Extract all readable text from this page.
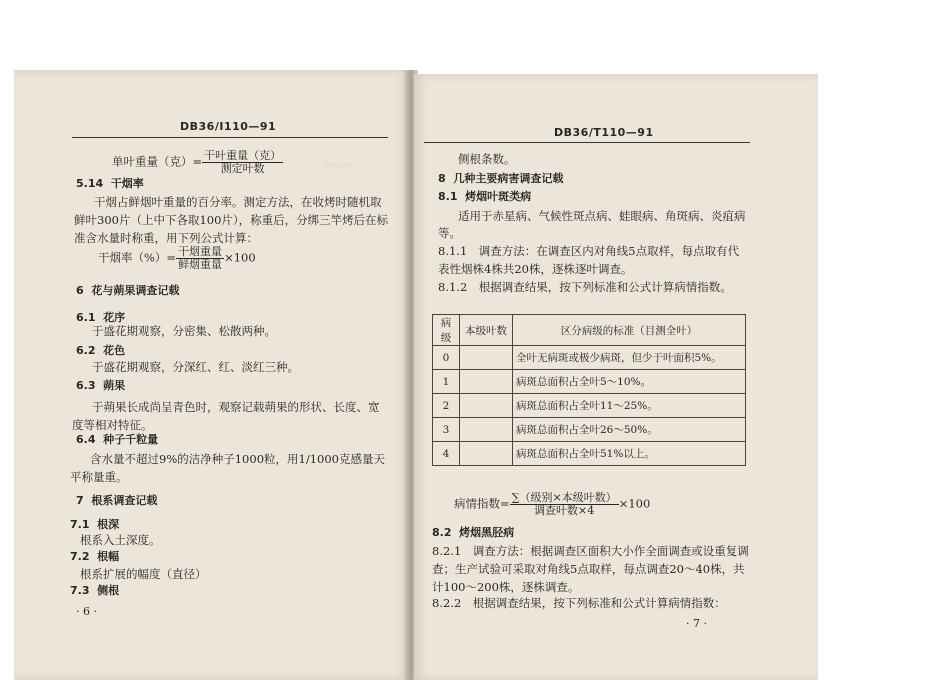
▭▭▭
DB36/Ⅰ110—91
单叶重量（克）= $\frac{\text{干叶重量（克）}}{\text{测定叶数}}$
5.14 干烟率
干烟占鲜烟叶重量的百分率。测定方法，在收烤时随机取
鲜叶300片（上中下各取100片），称重后，分绑三竿烤后在标
准含水量时称重，用下列公式计算：
干烟率（%）= $\frac{\text{干烟重量}}{\text{鲜烟重量}} \times 100$
6 花与蒴果调查记载
6.1 花序
于盛花期观察，分密集、松散两种。
6.2 花色
于盛花期观察，分深红、红、淡红三种。
6.3 蒴果
于蒴果长成尚呈青色时，观察记载蒴果的形状、长度、宽
度等相对特征。
6.4 种子千粒量
含水量不超过9%的洁净种子1000粒，用1/1000克感量天
平称量重。
7 根系调查记载
7.1 根深
根系入土深度。
7.2 根幅
根系扩展的幅度（直径）
7.3 侧根
· 6 ·
DB36/T110—91
侧根条数。
8 几种主要病害调查记载
8.1 烤烟叶斑类病
适用于赤星病、气候性斑点病、蛙眼病、角斑病、炎疽病
等。
8.1.1　调查方法：在调查区内对角线5点取样，每点取有代
表性烟株4株共20株，逐株逐叶调查。
8.1.2　根据调查结果，按下列标准和公式计算病情指数。
病级	本级叶数	区分病级的标准（目测全叶）
0		全叶无病斑或极少病斑，但少于叶面积5%。
1		病斑总面积占全叶5～10%。
2		病斑总面积占全叶11～25%。
3		病斑总面积占全叶26～50%。
4		病斑总面积占全叶51%以上。
病情指数= $\frac{\text{∑（级别×本级叶数）}}{\text{调查叶数×4}} \times 100$
8.2 烤烟黑胫病
8.2.1　调查方法：根据调查区面积大小作全面调查或设重复调
查；生产试验可采取对角线5点取样，每点调查20～40株，共
计100～200株，逐株调查。
8.2.2　根据调查结果，按下列标准和公式计算病情指数：
· 7 ·
